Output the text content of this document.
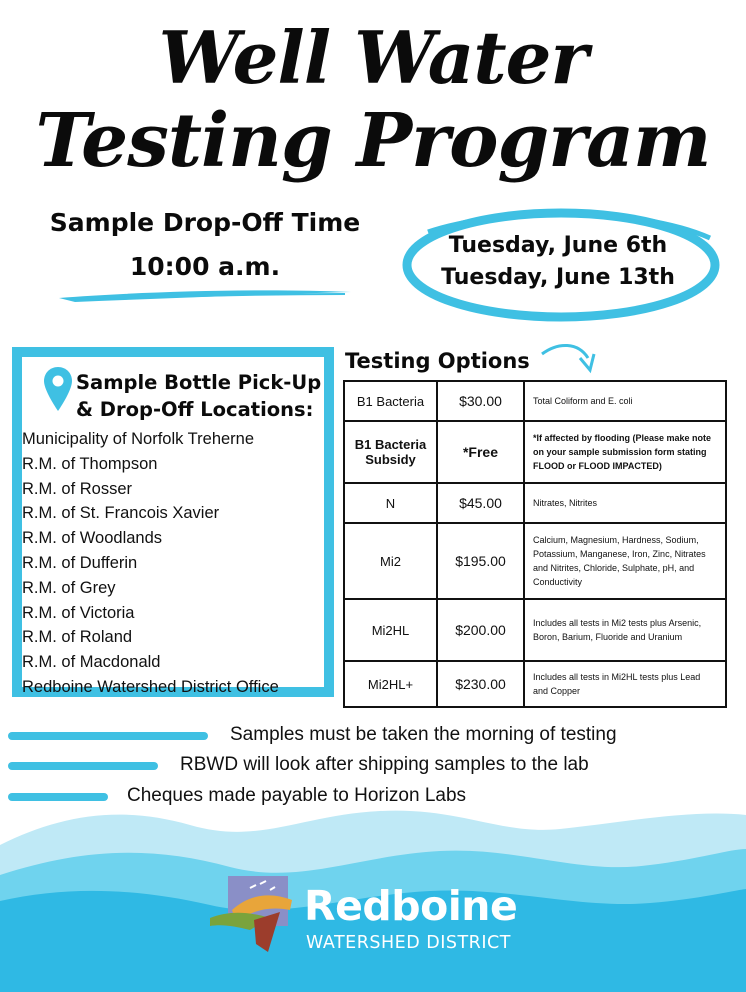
Well Water
Testing Program
Sample Drop-Off Time
10:00 a.m.
Tuesday, June 6th
Tuesday, June 13th
Sample Bottle Pick-Up
& Drop-Off Locations:
Municipality of Norfolk Treherne
R.M. of Thompson
R.M. of Rosser
R.M. of St. Francois Xavier
R.M. of Woodlands
R.M. of Dufferin
R.M. of Grey
R.M. of Victoria
R.M. of Roland
R.M. of Macdonald
Redboine Watershed District Office
Testing Options
B1 Bacteria	$30.00	Total Coliform and E. coli
B1 Bacteria Subsidy	*Free	*If affected by flooding (Please make note on your sample submission form stating FLOOD or FLOOD IMPACTED)
N	$45.00	Nitrates, Nitrites
Mi2	$195.00	Calcium, Magnesium, Hardness, Sodium, Potassium, Manganese, Iron, Zinc, Nitrates and Nitrites, Chloride, Sulphate, pH, and Conductivity
Mi2HL	$200.00	Includes all tests in Mi2 tests plus Arsenic, Boron, Barium, Fluoride and Uranium
Mi2HL+	$230.00	Includes all tests in Mi2HL tests plus Lead and Copper
Samples must be taken the morning of testing
RBWD will look after shipping samples to the lab
Cheques made payable to Horizon Labs
Redboine
WATERSHED DISTRICT
